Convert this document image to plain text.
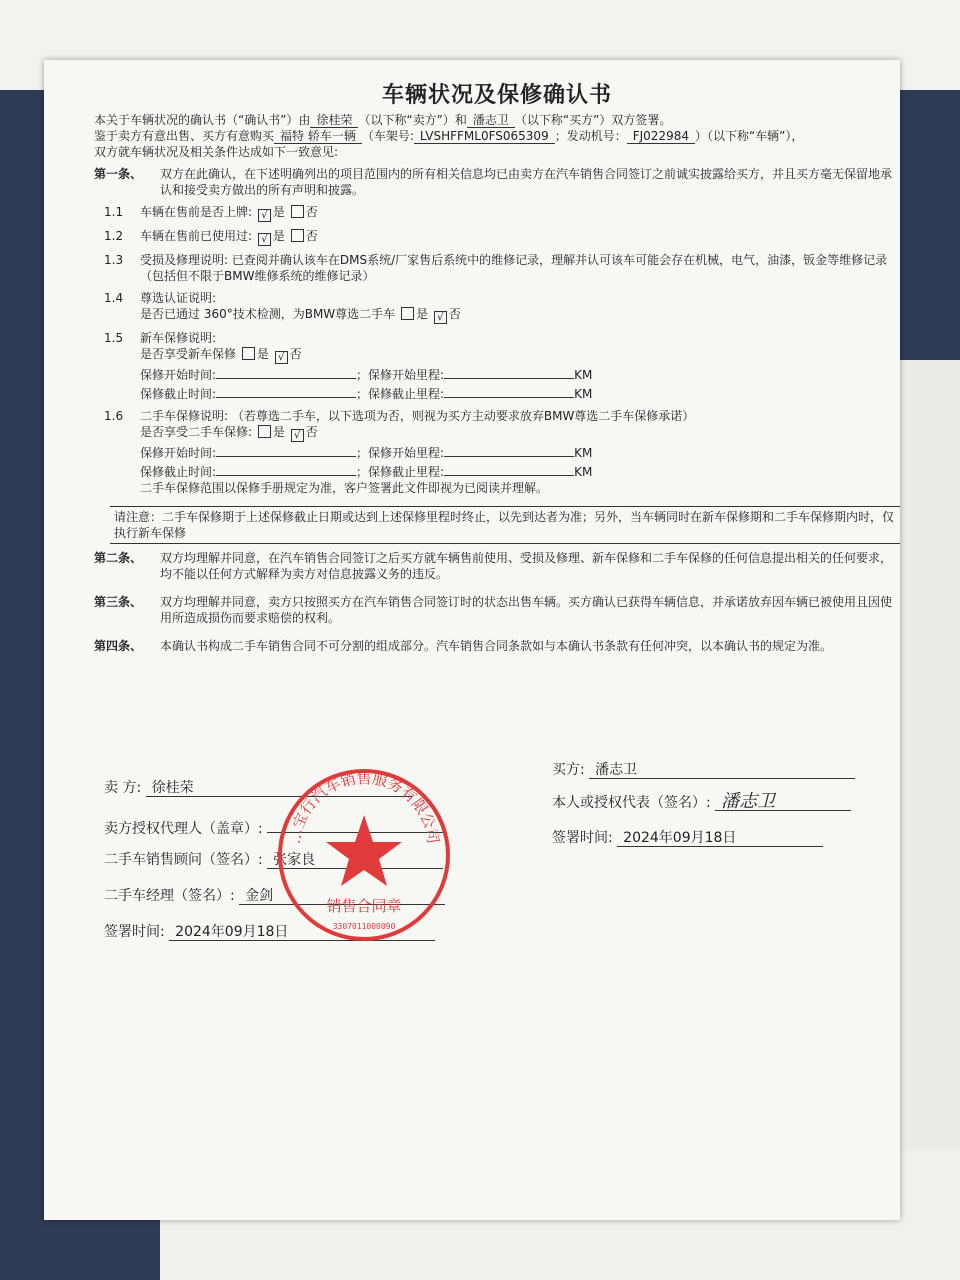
车辆状况及保修确认书

本关于车辆状况的确认书（“确认书”）由 徐桂荣 （以下称“卖方”）和 潘志卫 （以下称“买方”）双方签署。

鉴于卖方有意出售、买方有意购买 福特 轿车一辆 （车架号: LVSHFFML0FS065309 ；发动机号： FJ022984 ）（以下称“车辆”），

双方就车辆状况及相关条件达成如下一致意见:

第一条、	双方在此确认，在下述明确列出的项目范围内的所有相关信息均已由卖方在汽车销售合同签订之前诚实披露给买方，并且买方毫无保留地承认和接受卖方做出的所有声明和披露。
1.1	车辆在售前是否上牌: √ 是 否
1.2	车辆在售前已使用过: √ 是 否
1.3	受损及修理说明: 已查阅并确认该车在DMS系统/厂家售后系统中的维修记录，理解并认可该车可能会存在机械，电气，油漆，钣金等维修记录（包括但不限于BMW维修系统的维修记录）
1.4	尊选认证说明:
是否已通过 360°技术检测，为BMW尊选二手车 是 √ 否
1.5	新车保修说明:
是否享受新车保修 是 √ 否
保修开始时间:	；保修开始里程:	KM
保修截止时间:	；保修截止里程:	KM
1.6	二手车保修说明: （若尊选二手车，以下选项为否，则视为买方主动要求放弃BMW尊选二手车保修承诺）
是否享受二手车保修: 是 √ 否
保修开始时间:	；保修开始里程:	KM
保修截止时间:	；保修截止里程:	KM
二手车保修范围以保修手册规定为准，客户签署此文件即视为已阅读并理解。
请注意：二手车保修期于上述保修截止日期或达到上述保修里程时终止，以先到达者为准；另外，当车辆同时在新车保修期和二手车保修期内时，仅执行新车保修
第二条、	双方均理解并同意，在汽车销售合同签订之后买方就车辆售前使用、受损及修理、新车保修和二手车保修的任何信息提出相关的任何要求，均不能以任何方式解释为卖方对信息披露义务的违反。
第三条、	双方均理解并同意，卖方只按照买方在汽车销售合同签订时的状态出售车辆。买方确认已获得车辆信息，并承诺放弃因车辆已被使用且因使用所造成损伤而要求赔偿的权利。
第四条、	本确认书构成二手车销售合同不可分割的组成部分。汽车销售合同条款如与本确认书条款有任何冲突，以本确认书的规定为准。
卖 方: 徐桂荣
卖方授权代理人（盖章）:
二手车销售顾问（签名）: 张家良
二手车经理（签名）: 金剑
签署时间: 2024年09月18日
买方: 潘志卫
本人或授权代表（签名）: 潘志卫
签署时间: 2024年09月18日
…宝行汽车销售服务有限公司
销售合同章
3307011000090
